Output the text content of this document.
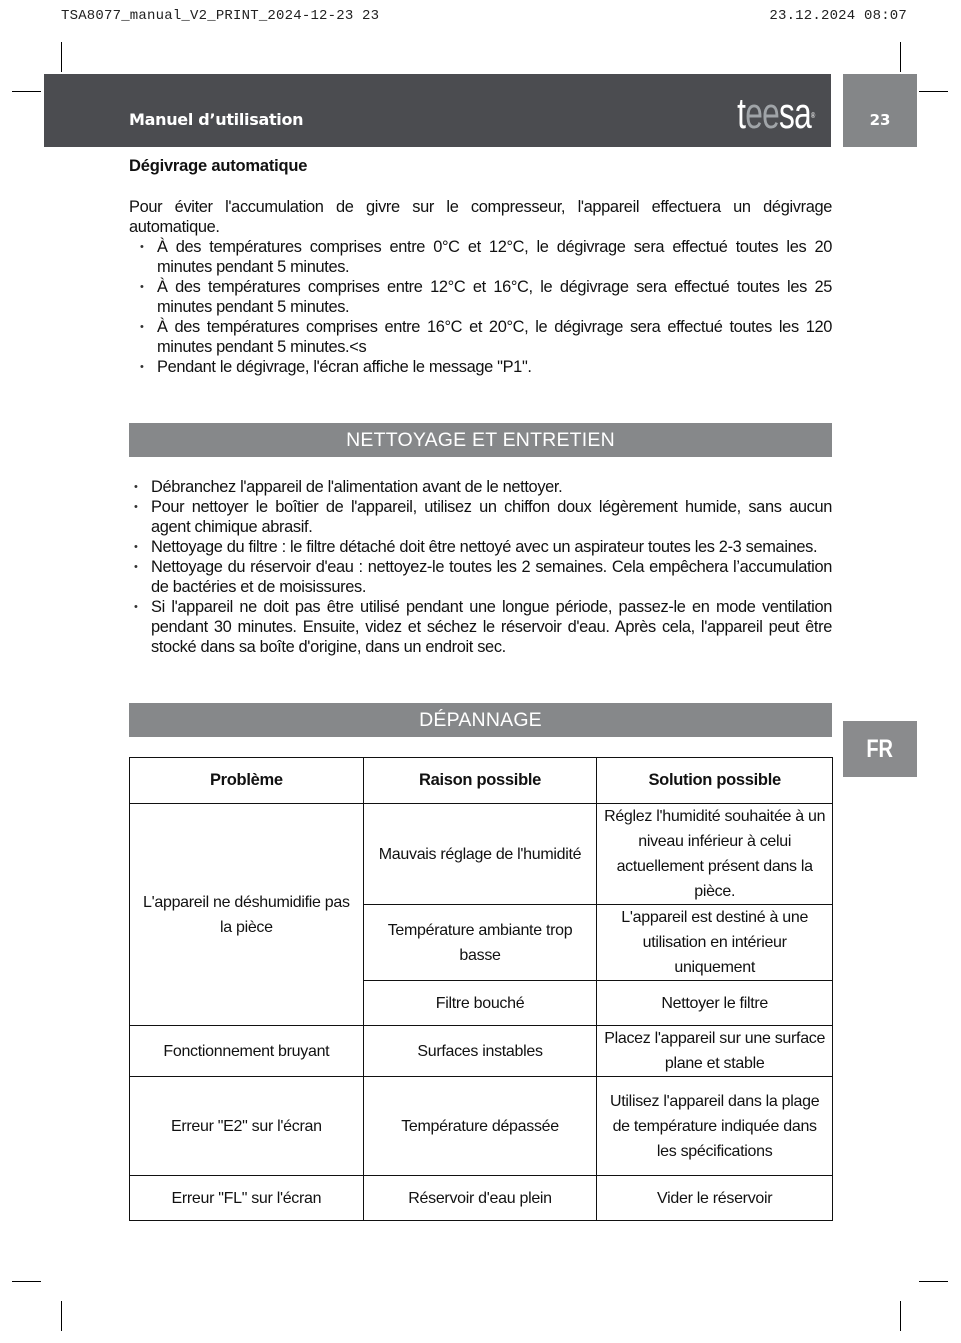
TSA8077_manual_V2_PRINT_2024-12-23 23	23.12.2024 08:07
Manuel d’utilisation	teesa®	23
FR
Dégivrage automatique

Pour éviter l'accumulation de givre sur le compresseur, l'appareil effectuera un dégivrage automatique.

• À des températures comprises entre 0°C et 12°C, le dégivrage sera effectué toutes les 20 minutes pendant 5 minutes.
• À des températures comprises entre 12°C et 16°C, le dégivrage sera effectué toutes les 25 minutes pendant 5 minutes.
• À des températures comprises entre 16°C et 20°C, le dégivrage sera effectué toutes les 120 minutes pendant 5 minutes.<s
• Pendant le dégivrage, l'écran affiche le message "P1".
NETTOYAGE ET ENTRETIEN
• Débranchez l'appareil de l'alimentation avant de le nettoyer.
• Pour nettoyer le boîtier de l'appareil, utilisez un chiffon doux légèrement humide, sans aucun agent chimique abrasif.
• Nettoyage du filtre : le filtre détaché doit être nettoyé avec un aspirateur toutes les 2-3 semaines.
• Nettoyage du réservoir d'eau : nettoyez-le toutes les 2 semaines. Cela empêchera l’accumulation de bactéries et de moisissures.
• Si l'appareil ne doit pas être utilisé pendant une longue période, passez-le en mode ventilation pendant 30 minutes. Ensuite, videz et séchez le réservoir d'eau. Après cela, l'appareil peut être stocké dans sa boîte d'origine, dans un endroit sec.
DÉPANNAGE
Problème	Raison possible	Solution possible
L'appareil ne déshumidifie pas la pièce	Mauvais réglage de l'humidité	Réglez l'humidité souhaitée à un niveau inférieur à celui actuellement présent dans la pièce.
	Température ambiante trop basse	L'appareil est destiné à une utilisation en intérieur uniquement
	Filtre bouché	Nettoyer le filtre
Fonctionnement bruyant	Surfaces instables	Placez l'appareil sur une surface plane et stable
Erreur "E2" sur l'écran	Température dépassée	Utilisez l'appareil dans la plage de température indiquée dans les spécifications
Erreur "FL" sur l'écran	Réservoir d'eau plein	Vider le réservoir
